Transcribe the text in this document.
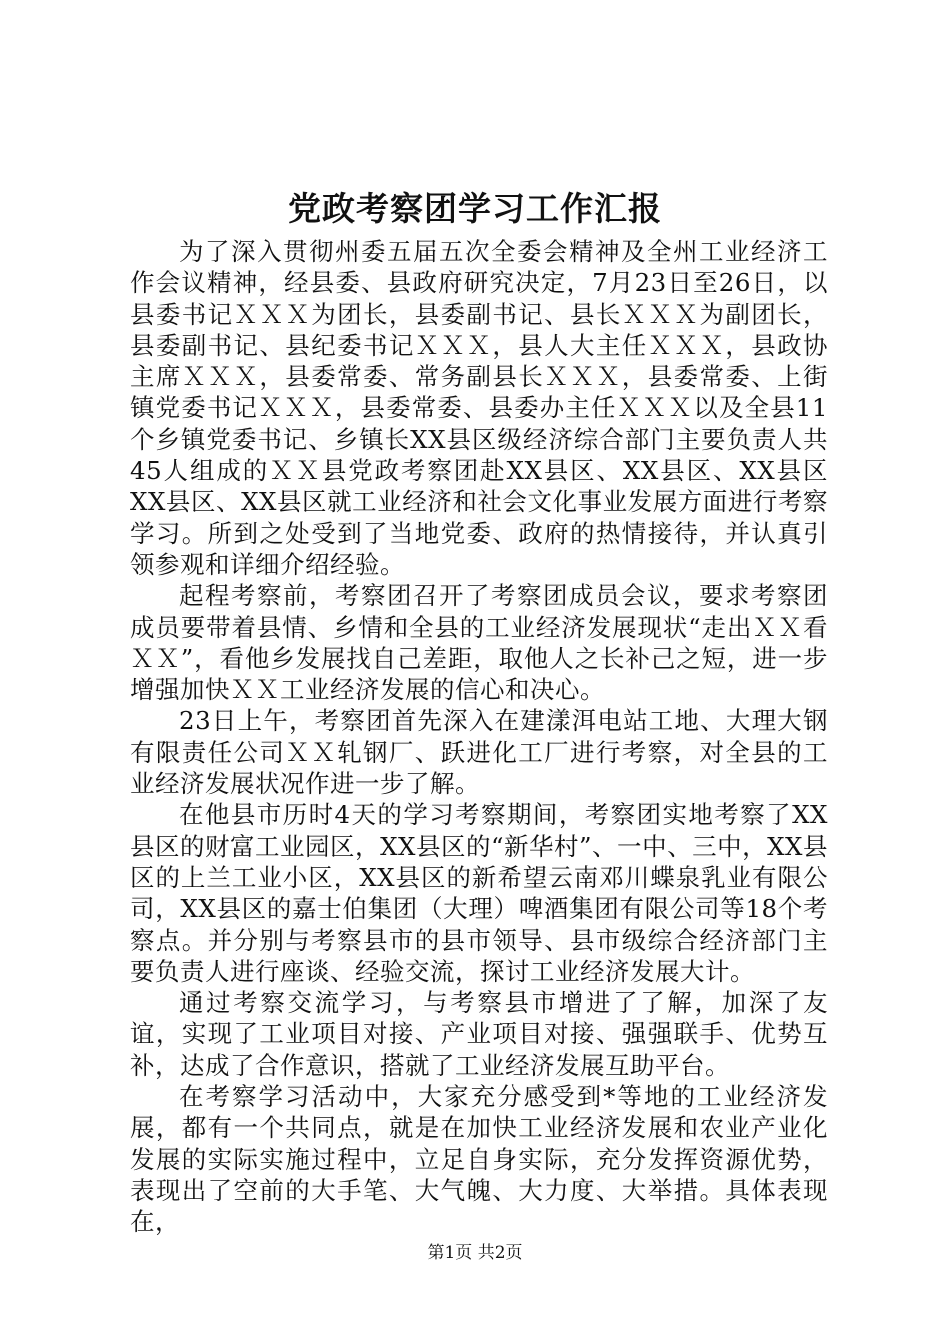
党政考察团学习工作汇报

为了深入贯彻州委五届五次全委会精神及全州工业经济工作会议精神，经县委、县政府研究决定，7月23日至26日，以县委书记ＸＸＸ为团长，县委副书记、县长ＸＸＸ为副团长，县委副书记、县纪委书记ＸＸＸ，县人大主任ＸＸＸ，县政协主席ＸＸＸ，县委常委、常务副县长ＸＸＸ，县委常委、上街镇党委书记ＸＸＸ，县委常委、县委办主任ＸＸＸ以及全县11个乡镇党委书记、乡镇长XX县区级经济综合部门主要负责人共45人组成的ＸＸ县党政考察团赴XX县区、XX县区、XX县区XX县区、XX县区就工业经济和社会文化事业发展方面进行考察学习。所到之处受到了当地党委、政府的热情接待，并认真引领参观和详细介绍经验。

起程考察前，考察团召开了考察团成员会议，要求考察团成员要带着县情、乡情和全县的工业经济发展现状“走出ＸＸ看ＸＸ”，看他乡发展找自己差距，取他人之长补己之短，进一步增强加快ＸＸ工业经济发展的信心和决心。

23日上午，考察团首先深入在建漾洱电站工地、大理大钢有限责任公司ＸＸ轧钢厂、跃进化工厂进行考察，对全县的工业经济发展状况作进一步了解。

在他县市历时4天的学习考察期间，考察团实地考察了XX县区的财富工业园区，XX县区的“新华村”、一中、三中，XX县区的上兰工业小区，XX县区的新希望云南邓川蝶泉乳业有限公司，XX县区的嘉士伯集团（大理）啤酒集团有限公司等18个考察点。并分别与考察县市的县市领导、县市级综合经济部门主要负责人进行座谈、经验交流，探讨工业经济发展大计。

通过考察交流学习，与考察县市增进了了解，加深了友谊，实现了工业项目对接、产业项目对接、强强联手、优势互补，达成了合作意识，搭就了工业经济发展互助平台。

在考察学习活动中，大家充分感受到*等地的工业经济发展，都有一个共同点，就是在加快工业经济发展和农业产业化发展的实际实施过程中，立足自身实际，充分发挥资源优势，表现出了空前的大手笔、大气魄、大力度、大举措。具体表现在，

第1页 共2页
